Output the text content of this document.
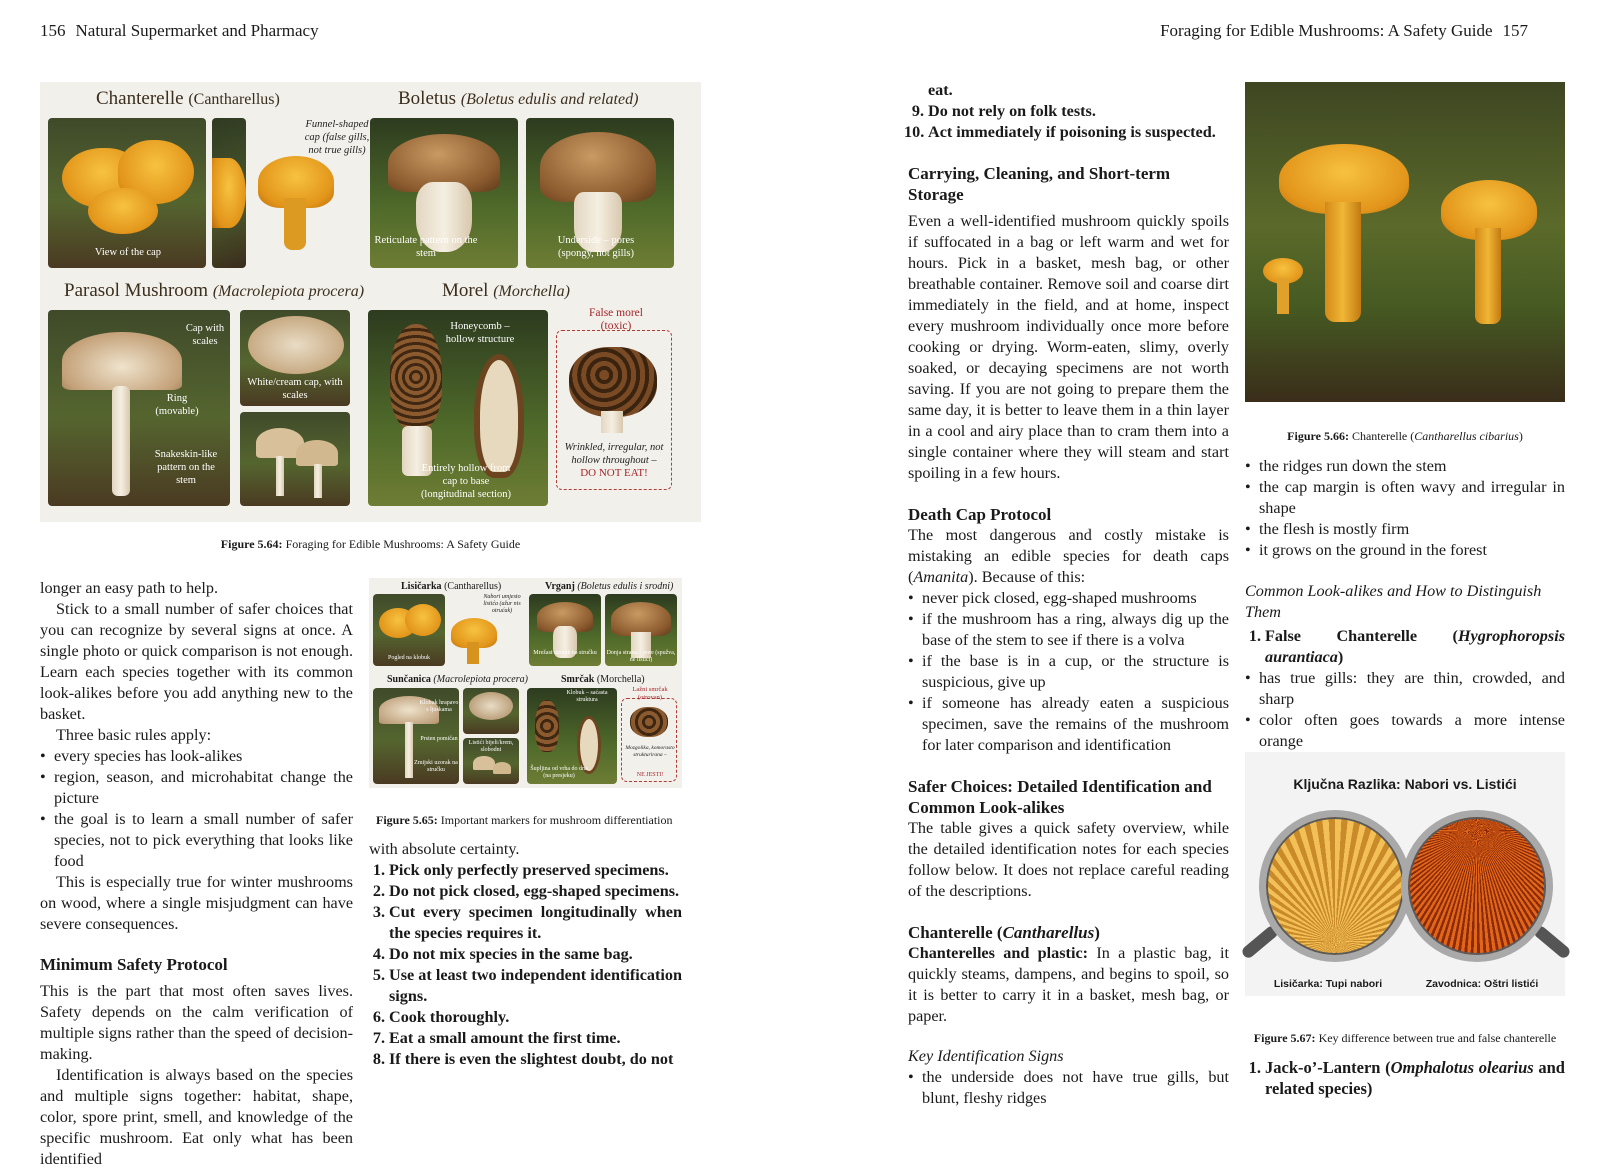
156 Natural Supermarket and Pharmacy	Foraging for Edible Mushrooms: A Safety Guide 157
Chanterelle (Cantharellus)
View of the cap
Funnel-shaped cap (false gills, not true gills)
Boletus (Boletus edulis and related)
Reticulate pattern on the stem
Underside – pores (spongy, not gills)
Parasol Mushroom (Macrolepiota procera)
Cap with scales
Ring (movable)
Snakeskin-like pattern on the stem
White/cream cap, with scales
Morel (Morchella)
Honeycomb – hollow structure
Entirely hollow from cap to base (longitudinal section)
Wrinkled, irregular, not hollow throughout –
DO NOT EAT!
False morel (toxic)
Figure 5.64: Foraging for Edible Mushrooms: A Safety Guide

longer an easy path to help.

Stick to a small number of safer choices that you can recognize by several signs at once. A single photo or quick comparison is not enough. Learn each species together with its common look-alikes before you add anything new to the basket.

Three basic rules apply:

• every species has look-alikes
• region, season, and microhabitat change the picture
• the goal is to learn a small number of safer species, not to pick everything that looks like food

This is especially true for winter mushrooms on wood, where a single misjudgment can have severe consequences.

Minimum Safety Protocol

This is the part that most often saves lives. Safety depends on the calm verification of multiple signs rather than the speed of decision-making.

Identification is always based on the species and multiple signs together: habitat, shape, color, spore print, smell, and knowledge of the specific mushroom. Eat only what has been identified

Lisičarka (Cantharellus)
Pogled na klobuk
Nabori umjesto listića (ažur nis otrućak)
Vrganj (Boletus edulis i srodni)
Mrežast uzorak na stručku	Donja strana – pore (spužva, ne listići)
Sunčanica (Macrolepiota procera)
Klobuk hrapavo s ljuskama
Prsten pomičan
Zmijski uzorak na stručku
Listići bijeli/krem, slobodni
Smrčak (Morchella)
Klobuk – saćasta struktura
Šupljina od vrha do dna (na presjeku)
Mozgolika, komorasto strukturirana –
NE JESTI!
Lažni smrčak (otrovan)
Figure 5.65: Important markers for mushroom differentiation

with absolute certainty.

1. Pick only perfectly preserved specimens.
2. Do not pick closed, egg-shaped specimens.
3. Cut every specimen longitudinally when the species requires it.
4. Do not mix species in the same bag.
5. Use at least two independent identification signs.
6. Cook thoroughly.
7. Eat a small amount the first time.
8. If there is even the slightest doubt, do not
eat.
9. Do not rely on folk tests.
10. Act immediately if poisoning is suspected.
Carrying, Cleaning, and Short-term Storage

Even a well-identified mushroom quickly spoils if suffocated in a bag or left warm and wet for hours. Pick in a basket, mesh bag, or other breathable container. Remove soil and coarse dirt immediately in the field, and at home, inspect every mushroom individually once more before cooking or drying. Worm-eaten, slimy, overly soaked, or decaying specimens are not worth saving. If you are not going to prepare them the same day, it is better to leave them in a thin layer in a cool and airy place than to cram them into a single container where they will steam and start spoiling in a few hours.

Death Cap Protocol

The most dangerous and costly mistake is mistaking an edible species for death caps (Amanita). Because of this:

• never pick closed, egg-shaped mushrooms
• if the mushroom has a ring, always dig up the base of the stem to see if there is a volva
• if the base is in a cup, or the structure is suspicious, give up
• if someone has already eaten a suspicious specimen, save the remains of the mushroom for later comparison and identification
Safer Choices: Detailed Identification and Common Look-alikes

The table gives a quick safety overview, while the detailed identification notes for each species follow below. It does not replace careful reading of the descriptions.

Chanterelle (Cantharellus)

Chanterelles and plastic: In a plastic bag, it quickly steams, dampens, and begins to spoil, so it is better to carry it in a basket, mesh bag, or paper.

Key Identification Signs

• the underside does not have true gills, but blunt, fleshy ridges
Figure 5.66: Chanterelle (Cantharellus cibarius)
• the ridges run down the stem
• the cap margin is often wavy and irregular in shape
• the flesh is mostly firm
• it grows on the ground in the forest

Common Look-alikes and How to Distinguish Them

1. False Chanterelle (Hygrophoropsis aurantiaca)
• has true gills: they are thin, crowded, and sharp
• color often goes towards a more intense orange
•
Ključna Razlika: Nabori vs. Listići
Lisičarka: Tupi nabori	Zavodnica: Oštri listići
Figure 5.67: Key difference between true and false chanterelle
1. Jack-o’-Lantern (Omphalotus olearius and related species)
